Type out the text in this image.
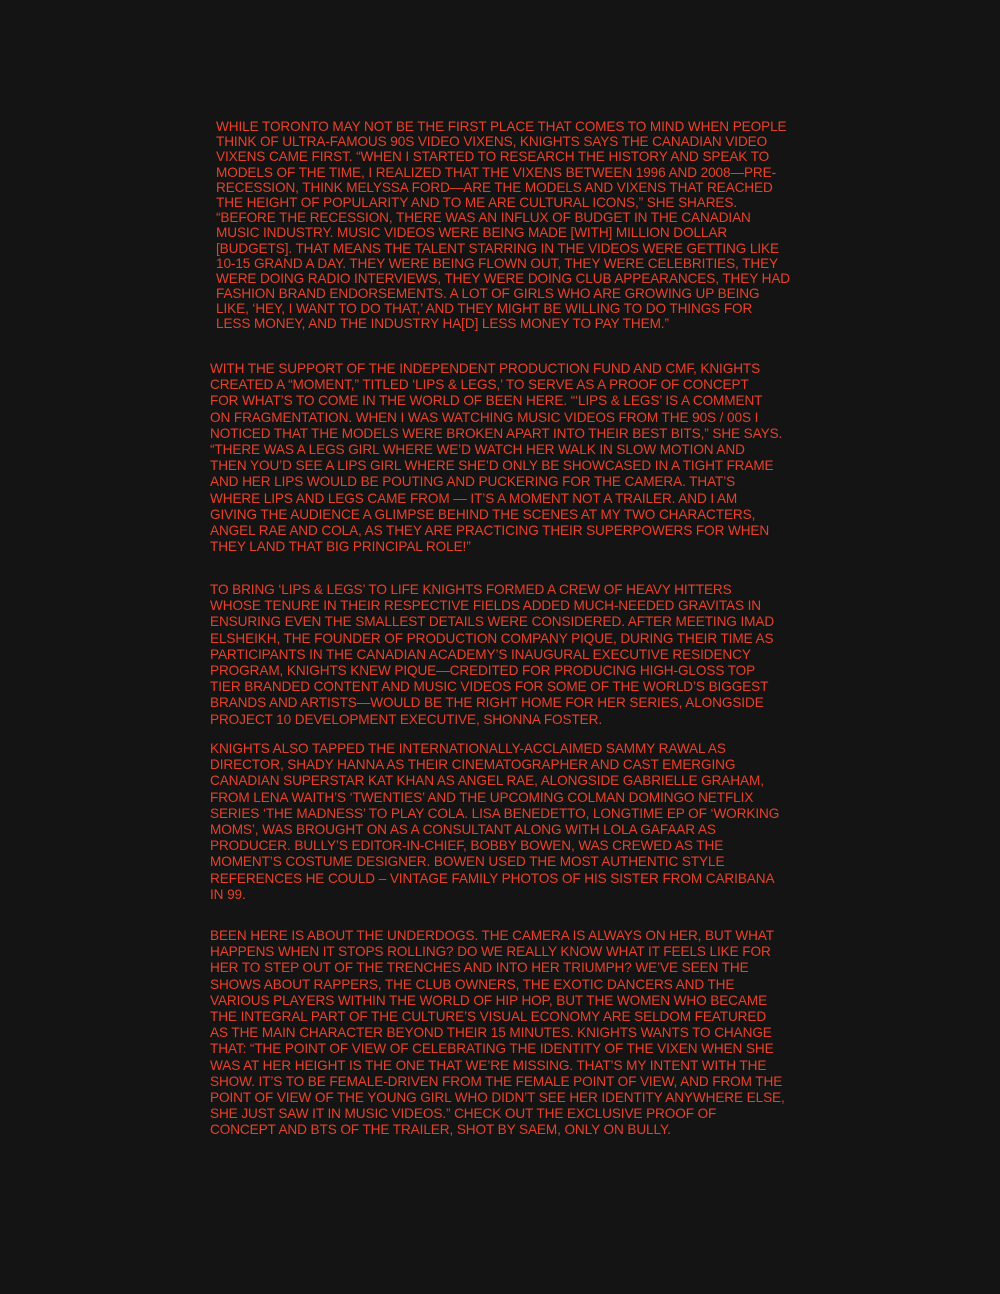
WHILE TORONTO MAY NOT BE THE FIRST PLACE THAT COMES TO MIND WHEN PEOPLE
THINK OF ULTRA-FAMOUS 90S VIDEO VIXENS, KNIGHTS SAYS THE CANADIAN VIDEO
VIXENS CAME FIRST. “WHEN I STARTED TO RESEARCH THE HISTORY AND SPEAK TO
MODELS OF THE TIME, I REALIZED THAT THE VIXENS BETWEEN 1996 AND 2008—PRE-
RECESSION, THINK MELYSSA FORD—ARE THE MODELS AND VIXENS THAT REACHED
THE HEIGHT OF POPULARITY AND TO ME ARE CULTURAL ICONS,” SHE SHARES.
“BEFORE THE RECESSION, THERE WAS AN INFLUX OF BUDGET IN THE CANADIAN
MUSIC INDUSTRY. MUSIC VIDEOS WERE BEING MADE [WITH] MILLION DOLLAR
[BUDGETS]. THAT MEANS THE TALENT STARRING IN THE VIDEOS WERE GETTING LIKE
10-15 GRAND A DAY. THEY WERE BEING FLOWN OUT, THEY WERE CELEBRITIES, THEY
WERE DOING RADIO INTERVIEWS, THEY WERE DOING CLUB APPEARANCES, THEY HAD
FASHION BRAND ENDORSEMENTS. A LOT OF GIRLS WHO ARE GROWING UP BEING
LIKE, ‘HEY, I WANT TO DO THAT,’ AND THEY MIGHT BE WILLING TO DO THINGS FOR
LESS MONEY, AND THE INDUSTRY HA[D] LESS MONEY TO PAY THEM.”

WITH THE SUPPORT OF THE INDEPENDENT PRODUCTION FUND AND CMF, KNIGHTS
CREATED A “MOMENT,” TITLED ‘LIPS & LEGS,’ TO SERVE AS A PROOF OF CONCEPT
FOR WHAT’S TO COME IN THE WORLD OF BEEN HERE. “‘LIPS & LEGS’ IS A COMMENT
ON FRAGMENTATION. WHEN I WAS WATCHING MUSIC VIDEOS FROM THE 90S / 00S I
NOTICED THAT THE MODELS WERE BROKEN APART INTO THEIR BEST BITS,” SHE SAYS.
“THERE WAS A LEGS GIRL WHERE WE’D WATCH HER WALK IN SLOW MOTION AND
THEN YOU’D SEE A LIPS GIRL WHERE SHE’D ONLY BE SHOWCASED IN A TIGHT FRAME
AND HER LIPS WOULD BE POUTING AND PUCKERING FOR THE CAMERA. THAT’S
WHERE LIPS AND LEGS CAME FROM — IT’S A MOMENT NOT A TRAILER. AND I AM
GIVING THE AUDIENCE A GLIMPSE BEHIND THE SCENES AT MY TWO CHARACTERS,
ANGEL RAE AND COLA, AS THEY ARE PRACTICING THEIR SUPERPOWERS FOR WHEN
THEY LAND THAT BIG PRINCIPAL ROLE!”

TO BRING ‘LIPS & LEGS’ TO LIFE KNIGHTS FORMED A CREW OF HEAVY HITTERS
WHOSE TENURE IN THEIR RESPECTIVE FIELDS ADDED MUCH-NEEDED GRAVITAS IN
ENSURING EVEN THE SMALLEST DETAILS WERE CONSIDERED. AFTER MEETING IMAD
ELSHEIKH, THE FOUNDER OF PRODUCTION COMPANY PIQUE, DURING THEIR TIME AS
PARTICIPANTS IN THE CANADIAN ACADEMY’S INAUGURAL EXECUTIVE RESIDENCY
PROGRAM, KNIGHTS KNEW PIQUE—CREDITED FOR PRODUCING HIGH-GLOSS TOP
TIER BRANDED CONTENT AND MUSIC VIDEOS FOR SOME OF THE WORLD’S BIGGEST
BRANDS AND ARTISTS—WOULD BE THE RIGHT HOME FOR HER SERIES, ALONGSIDE
PROJECT 10 DEVELOPMENT EXECUTIVE, SHONNA FOSTER.

KNIGHTS ALSO TAPPED THE INTERNATIONALLY-ACCLAIMED SAMMY RAWAL AS
DIRECTOR, SHADY HANNA AS THEIR CINEMATOGRAPHER AND CAST EMERGING
CANADIAN SUPERSTAR KAT KHAN AS ANGEL RAE, ALONGSIDE GABRIELLE GRAHAM,
FROM LENA WAITH’S ‘TWENTIES’ AND THE UPCOMING COLMAN DOMINGO NETFLIX
SERIES ‘THE MADNESS’ TO PLAY COLA. LISA BENEDETTO, LONGTIME EP OF ‘WORKING
MOMS’, WAS BROUGHT ON AS A CONSULTANT ALONG WITH LOLA GAFAAR AS
PRODUCER. BULLY’S EDITOR-IN-CHIEF, BOBBY BOWEN, WAS CREWED AS THE
MOMENT’S COSTUME DESIGNER. BOWEN USED THE MOST AUTHENTIC STYLE
REFERENCES HE COULD – VINTAGE FAMILY PHOTOS OF HIS SISTER FROM CARIBANA
IN 99.

BEEN HERE IS ABOUT THE UNDERDOGS. THE CAMERA IS ALWAYS ON HER, BUT WHAT
HAPPENS WHEN IT STOPS ROLLING? DO WE REALLY KNOW WHAT IT FEELS LIKE FOR
HER TO STEP OUT OF THE TRENCHES AND INTO HER TRIUMPH? WE’VE SEEN THE
SHOWS ABOUT RAPPERS, THE CLUB OWNERS, THE EXOTIC DANCERS AND THE
VARIOUS PLAYERS WITHIN THE WORLD OF HIP HOP, BUT THE WOMEN WHO BECAME
THE INTEGRAL PART OF THE CULTURE’S VISUAL ECONOMY ARE SELDOM FEATURED
AS THE MAIN CHARACTER BEYOND THEIR 15 MINUTES. KNIGHTS WANTS TO CHANGE
THAT: “THE POINT OF VIEW OF CELEBRATING THE IDENTITY OF THE VIXEN WHEN SHE
WAS AT HER HEIGHT IS THE ONE THAT WE’RE MISSING. THAT’S MY INTENT WITH THE
SHOW. IT’S TO BE FEMALE-DRIVEN FROM THE FEMALE POINT OF VIEW, AND FROM THE
POINT OF VIEW OF THE YOUNG GIRL WHO DIDN’T SEE HER IDENTITY ANYWHERE ELSE,
SHE JUST SAW IT IN MUSIC VIDEOS.” CHECK OUT THE EXCLUSIVE PROOF OF
CONCEPT AND BTS OF THE TRAILER, SHOT BY SAEM, ONLY ON BULLY.
